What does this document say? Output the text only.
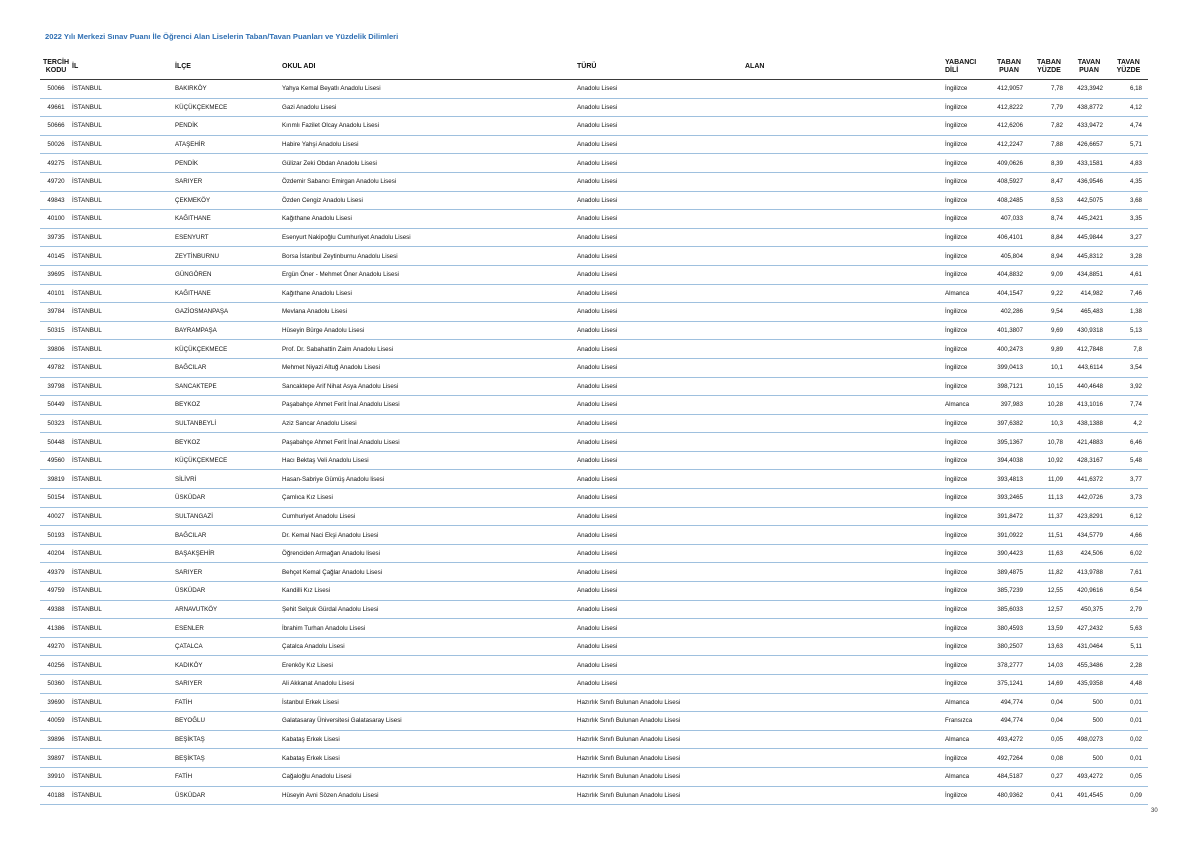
2022 Yılı Merkezi Sınav Puanı İle Öğrenci Alan Liselerin Taban/Tavan Puanları ve Yüzdelik Dilimleri
TERCİH KODU	İL	İLÇE	OKUL ADI	TÜRÜ	ALAN	YABANCI DİLİ	TABAN PUAN	TABAN YÜZDE	TAVAN PUAN	TAVAN YÜZDE
50066	İSTANBUL	BAKIRKÖY	Yahya Kemal Beyatlı Anadolu Lisesi	Anadolu Lisesi		İngilizce	412,9057	7,78	423,3942	6,18
49661	İSTANBUL	KÜÇÜKÇEKMECE	Gazi Anadolu Lisesi	Anadolu Lisesi		İngilizce	412,8222	7,79	438,8772	4,12
50666	İSTANBUL	PENDİK	Kırımlı Fazilet Olcay Anadolu Lisesi	Anadolu Lisesi		İngilizce	412,6206	7,82	433,9472	4,74
50026	İSTANBUL	ATAŞEHİR	Habire Yahşi Anadolu Lisesi	Anadolu Lisesi		İngilizce	412,2247	7,88	426,6657	5,71
49275	İSTANBUL	PENDİK	Gülizar Zeki Obdan Anadolu Lisesi	Anadolu Lisesi		İngilizce	409,0626	8,39	433,1581	4,83
49720	İSTANBUL	SARIYER	Özdemir Sabancı Emirgan Anadolu Lisesi	Anadolu Lisesi		İngilizce	408,5927	8,47	436,9546	4,35
49843	İSTANBUL	ÇEKMEKÖY	Özden Cengiz Anadolu Lisesi	Anadolu Lisesi		İngilizce	408,2485	8,53	442,5075	3,68
40100	İSTANBUL	KAĞITHANE	Kağıthane Anadolu Lisesi	Anadolu Lisesi		İngilizce	407,033	8,74	445,2421	3,35
39735	İSTANBUL	ESENYURT	Esenyurt Nakipoğlu Cumhuriyet Anadolu Lisesi	Anadolu Lisesi		İngilizce	406,4101	8,84	445,9844	3,27
40145	İSTANBUL	ZEYTİNBURNU	Borsa İstanbul Zeytinburnu Anadolu Lisesi	Anadolu Lisesi		İngilizce	405,804	8,94	445,8312	3,28
39695	İSTANBUL	GÜNGÖREN	Ergün Öner - Mehmet Öner Anadolu Lisesi	Anadolu Lisesi		İngilizce	404,8832	9,09	434,8851	4,61
40101	İSTANBUL	KAĞITHANE	Kağıthane Anadolu Lisesi	Anadolu Lisesi		Almanca	404,1547	9,22	414,982	7,46
39784	İSTANBUL	GAZİOSMANPAŞA	Mevlana Anadolu Lisesi	Anadolu Lisesi		İngilizce	402,286	9,54	465,483	1,38
50315	İSTANBUL	BAYRAMPAŞA	Hüseyin Bürge Anadolu Lisesi	Anadolu Lisesi		İngilizce	401,3807	9,69	430,9318	5,13
39806	İSTANBUL	KÜÇÜKÇEKMECE	Prof. Dr. Sabahattin Zaim Anadolu Lisesi	Anadolu Lisesi		İngilizce	400,2473	9,89	412,7848	7,8
49782	İSTANBUL	BAĞCILAR	Mehmet Niyazi Altuğ Anadolu Lisesi	Anadolu Lisesi		İngilizce	399,0413	10,1	443,6114	3,54
39798	İSTANBUL	SANCAKTEPE	Sancaktepe Arif Nihat Asya Anadolu Lisesi	Anadolu Lisesi		İngilizce	398,7121	10,15	440,4648	3,92
50449	İSTANBUL	BEYKOZ	Paşabahçe Ahmet Ferit İnal Anadolu Lisesi	Anadolu Lisesi		Almanca	397,983	10,28	413,1016	7,74
50323	İSTANBUL	SULTANBEYLİ	Aziz Sancar Anadolu Lisesi	Anadolu Lisesi		İngilizce	397,6382	10,3	438,1388	4,2
50448	İSTANBUL	BEYKOZ	Paşabahçe Ahmet Ferit İnal Anadolu Lisesi	Anadolu Lisesi		İngilizce	395,1367	10,78	421,4883	6,46
49560	İSTANBUL	KÜÇÜKÇEKMECE	Hacı Bektaş Veli Anadolu Lisesi	Anadolu Lisesi		İngilizce	394,4038	10,92	428,3167	5,48
39819	İSTANBUL	SİLİVRİ	Hasan-Sabriye Gümüş Anadolu lisesi	Anadolu Lisesi		İngilizce	393,4813	11,09	441,6372	3,77
50154	İSTANBUL	ÜSKÜDAR	Çamlıca Kız Lisesi	Anadolu Lisesi		İngilizce	393,2465	11,13	442,0726	3,73
40027	İSTANBUL	SULTANGAZİ	Cumhuriyet Anadolu Lisesi	Anadolu Lisesi		İngilizce	391,8472	11,37	423,8291	6,12
50193	İSTANBUL	BAĞCILAR	Dr. Kemal Naci Ekşi Anadolu Lisesi	Anadolu Lisesi		İngilizce	391,0922	11,51	434,5779	4,66
40204	İSTANBUL	BAŞAKŞEHİR	Öğrenciden Armağan Anadolu lisesi	Anadolu Lisesi		İngilizce	390,4423	11,63	424,506	6,02
49379	İSTANBUL	SARIYER	Behçet Kemal Çağlar Anadolu Lisesi	Anadolu Lisesi		İngilizce	389,4875	11,82	413,9788	7,61
49759	İSTANBUL	ÜSKÜDAR	Kandilli Kız Lisesi	Anadolu Lisesi		İngilizce	385,7239	12,55	420,9616	6,54
49388	İSTANBUL	ARNAVUTKÖY	Şehit Selçuk Gürdal Anadolu Lisesi	Anadolu Lisesi		İngilizce	385,6033	12,57	450,375	2,79
41386	İSTANBUL	ESENLER	İbrahim Turhan Anadolu Lisesi	Anadolu Lisesi		İngilizce	380,4593	13,59	427,2432	5,63
49270	İSTANBUL	ÇATALCA	Çatalca Anadolu Lisesi	Anadolu Lisesi		İngilizce	380,2507	13,63	431,0464	5,11
40256	İSTANBUL	KADIKÖY	Erenköy Kız Lisesi	Anadolu Lisesi		İngilizce	378,2777	14,03	455,3486	2,28
50360	İSTANBUL	SARIYER	Ali Akkanat Anadolu Lisesi	Anadolu Lisesi		İngilizce	375,1241	14,69	435,9358	4,48
39690	İSTANBUL	FATİH	İstanbul Erkek Lisesi	Hazırlık Sınıfı Bulunan Anadolu Lisesi		Almanca	494,774	0,04	500	0,01
40059	İSTANBUL	BEYOĞLU	Galatasaray Üniversitesi Galatasaray Lisesi	Hazırlık Sınıfı Bulunan Anadolu Lisesi		Fransızca	494,774	0,04	500	0,01
39896	İSTANBUL	BEŞİKTAŞ	Kabataş Erkek Lisesi	Hazırlık Sınıfı Bulunan Anadolu Lisesi		Almanca	493,4272	0,05	498,0273	0,02
39897	İSTANBUL	BEŞİKTAŞ	Kabataş Erkek Lisesi	Hazırlık Sınıfı Bulunan Anadolu Lisesi		İngilizce	492,7264	0,08	500	0,01
39910	İSTANBUL	FATİH	Cağaloğlu Anadolu Lisesi	Hazırlık Sınıfı Bulunan Anadolu Lisesi		Almanca	484,5187	0,27	493,4272	0,05
40188	İSTANBUL	ÜSKÜDAR	Hüseyin Avni Sözen Anadolu Lisesi	Hazırlık Sınıfı Bulunan Anadolu Lisesi		İngilizce	480,9362	0,41	491,4545	0,09
30
